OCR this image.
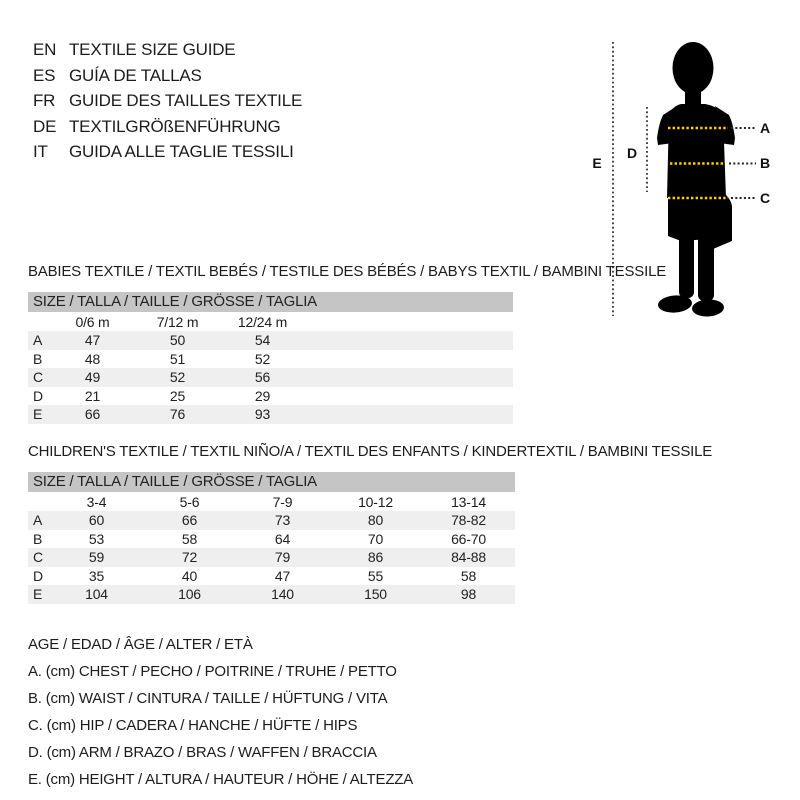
EN TEXTILE SIZE GUIDE
ES GUÍA DE TALLAS
FR GUIDE DES TAILLES TEXTILE
DE TEXTILGRÖßENFÜHRUNG
IT	GUIDA ALLE TAGLIE TESSILI
A
B
C
D
E
BABIES TEXTILE / TEXTIL BEBÉS / TESTILE DES BÉBÉS / BABYS TEXTIL / BAMBINI TESSILE
SIZE / TALLA / TAILLE / GRÖSSE / TAGLIA
	0/6 m	7/12 m	12/24 m	
A	47	50	54	
B	48	51	52	
C	49	52	56	
D	21	25	29	
E	66	76	93	
CHILDREN'S TEXTILE / TEXTIL NIÑO/A / TEXTIL DES ENFANTS / KINDERTEXTIL / BAMBINI TESSILE
SIZE / TALLA / TAILLE / GRÖSSE / TAGLIA
	3-4	5-6	7-9	10-12	13-14
A	60	66	73	80	78-82
B	53	58	64	70	66-70
C	59	72	79	86	84-88
D	35	40	47	55	58
E	104	106	140	150	98
AGE / EDAD / ÂGE / ALTER / ETÀ
A. (cm) CHEST / PECHO / POITRINE / TRUHE / PETTO
B. (cm) WAIST / CINTURA / TAILLE / HÜFTUNG / VITA
C. (cm) HIP / CADERA / HANCHE / HÜFTE / HIPS
D. (cm) ARM / BRAZO / BRAS / WAFFEN / BRACCIA
E. (cm) HEIGHT / ALTURA / HAUTEUR / HÖHE / ALTEZZA
